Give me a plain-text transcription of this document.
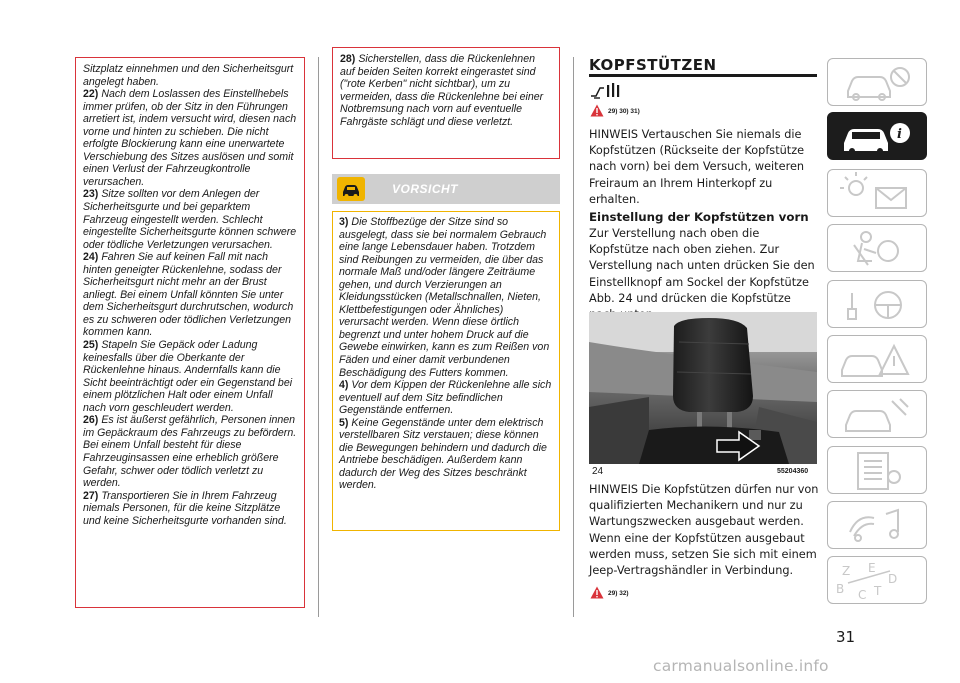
Sitzplatz einnehmen und den Sicherheitsgurt angelegt haben.

22) Nach dem Loslassen des Einstellhebels immer prüfen, ob der Sitz in den Führungen arretiert ist, indem versucht wird, diesen nach vorne und hinten zu schieben. Die nicht erfolgte Blockierung kann eine unerwartete Verschiebung des Sitzes auslösen und somit einen Verlust der Fahrzeugkontrolle verursachen.

23) Sitze sollten vor dem Anlegen der Sicherheitsgurte und bei geparktem Fahrzeug eingestellt werden. Schlecht eingestellte Sicherheitsgurte können schwere oder tödliche Verletzungen verursachen.

24) Fahren Sie auf keinen Fall mit nach hinten geneigter Rückenlehne, sodass der Sicherheitsgurt nicht mehr an der Brust anliegt. Bei einem Unfall könnten Sie unter dem Sicherheitsgurt durchrutschen, wodurch es zu schweren oder tödlichen Verletzungen kommen kann.

25) Stapeln Sie Gepäck oder Ladung keinesfalls über die Oberkante der Rückenlehne hinaus. Andernfalls kann die Sicht beeinträchtigt oder ein Gegenstand bei einem plötzlichen Halt oder einem Unfall nach vorn geschleudert werden.

26) Es ist äußerst gefährlich, Personen innen im Gepäckraum des Fahrzeugs zu befördern. Bei einem Unfall besteht für diese Fahrzeuginsassen eine erheblich größere Gefahr, schwer oder tödlich verletzt zu werden.

27) Transportieren Sie in Ihrem Fahrzeug niemals Personen, für die keine Sitzplätze und keine Sicherheitsgurte vorhanden sind.

28) Sicherstellen, dass die Rückenlehnen auf beiden Seiten korrekt eingerastet sind ("rote Kerben" nicht sichtbar), um zu vermeiden, dass die Rückenlehne bei einer Notbremsung nach vorn auf eventuelle Fahrgäste schlägt und diese verletzt.

VORSICHT

3) Die Stoffbezüge der Sitze sind so ausgelegt, dass sie bei normalem Gebrauch eine lange Lebensdauer haben. Trotzdem sind Reibungen zu vermeiden, die über das normale Maß und/oder längere Zeiträume gehen, und durch Verzierungen an Kleidungsstücken (Metallschnallen, Nieten, Klettbefestigungen oder Ähnliches) verursacht werden. Wenn diese örtlich begrenzt und unter hohem Druck auf die Gewebe einwirken, kann es zum Reißen von Fäden und einer damit verbundenen Beschädigung des Futters kommen.

4) Vor dem Kippen der Rückenlehne alle sich eventuell auf dem Sitz befindlichen Gegenstände entfernen.

5) Keine Gegenstände unter dem elektrisch verstellbaren Sitz verstauen; diese können die Bewegungen behindern und dadurch die Antriebe beschädigen. Außerdem kann dadurch der Weg des Sitzes beschränkt werden.

KOPFSTÜTZEN
29) 30) 31)
HINWEIS Vertauschen Sie niemals die Kopfstützen (Rückseite der Kopfstütze nach vorn) bei dem Versuch, weiteren Freiraum an Ihrem Hinterkopf zu erhalten.
Einstellung der Kopfstützen vorn
Zur Verstellung nach oben die Kopfstütze nach oben ziehen. Zur Verstellung nach unten drücken Sie den Einstellknopf am Sockel der Kopfstütze Abb. 24 und drücken die Kopfstütze
24	55204360
HINWEIS Die Kopfstützen dürfen nur von qualifizierten Mechanikern und nur zu Wartungszwecken ausgebaut werden. Wenn eine der Kopfstützen ausgebaut werden muss, setzen Sie sich mit einem Jeep-Vertragshändler in Verbindung.
29) 32)
i
Z E
B C T
D
31
carmanualsonline.info
